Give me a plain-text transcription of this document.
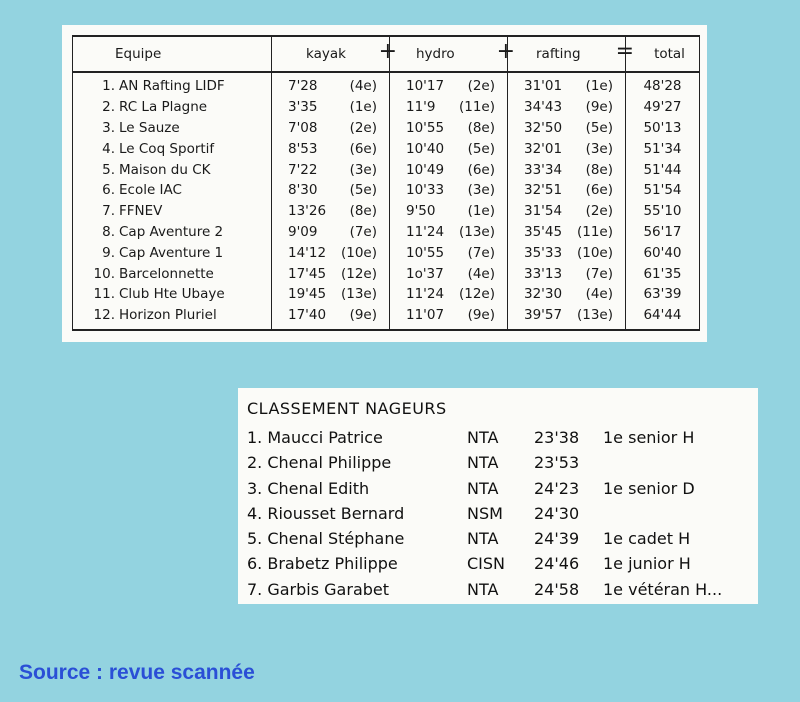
Equipe	kayak +	hydro +	rafting =	total

1. AN Rafting LIDF	7'28 (4e)	10'17 (2e)	31'01 (1e)	48'28
2. RC La Plagne	3'35 (1e)	11'9 (11e)	34'43 (9e)	49'27
3. Le Sauze	7'08 (2e)	10'55 (8e)	32'50 (5e)	50'13
4. Le Coq Sportif	8'53 (6e)	10'40 (5e)	32'01 (3e)	51'34
5. Maison du CK	7'22 (3e)	10'49 (6e)	33'34 (8e)	51'44
6. Ecole IAC	8'30 (5e)	10'33 (3e)	32'51 (6e)	51'54
7. FFNEV	13'26 (8e)	9'50 (1e)	31'54 (2e)	55'10
8. Cap Aventure 2	9'09 (7e)	11'24 (13e)	35'45 (11e)	56'17
9. Cap Aventure 1	14'12 (10e)	10'55 (7e)	35'33 (10e)	60'40
10. Barcelonnette	17'45 (12e)	1o'37 (4e)	33'13 (7e)	61'35
11. Club Hte Ubaye	19'45 (13e)	11'24 (12e)	32'30 (4e)	63'39
12. Horizon Pluriel	17'40 (9e)	11'07 (9e)	39'57 (13e)	64'44
CLASSEMENT NAGEURS
1. Maucci Patrice	NTA 23'38 1e senior H
2. Chenal Philippe	NTA 23'53
3. Chenal Edith	NTA 24'23 1e senior D
4. Riousset Bernard	NSM 24'30
5. Chenal Stéphane	NTA 24'39 1e cadet H
6. Brabetz Philippe	CISN 24'46 1e junior H
7. Garbis Garabet	NTA 24'58 1e vétéran H...
Source : revue scannée
